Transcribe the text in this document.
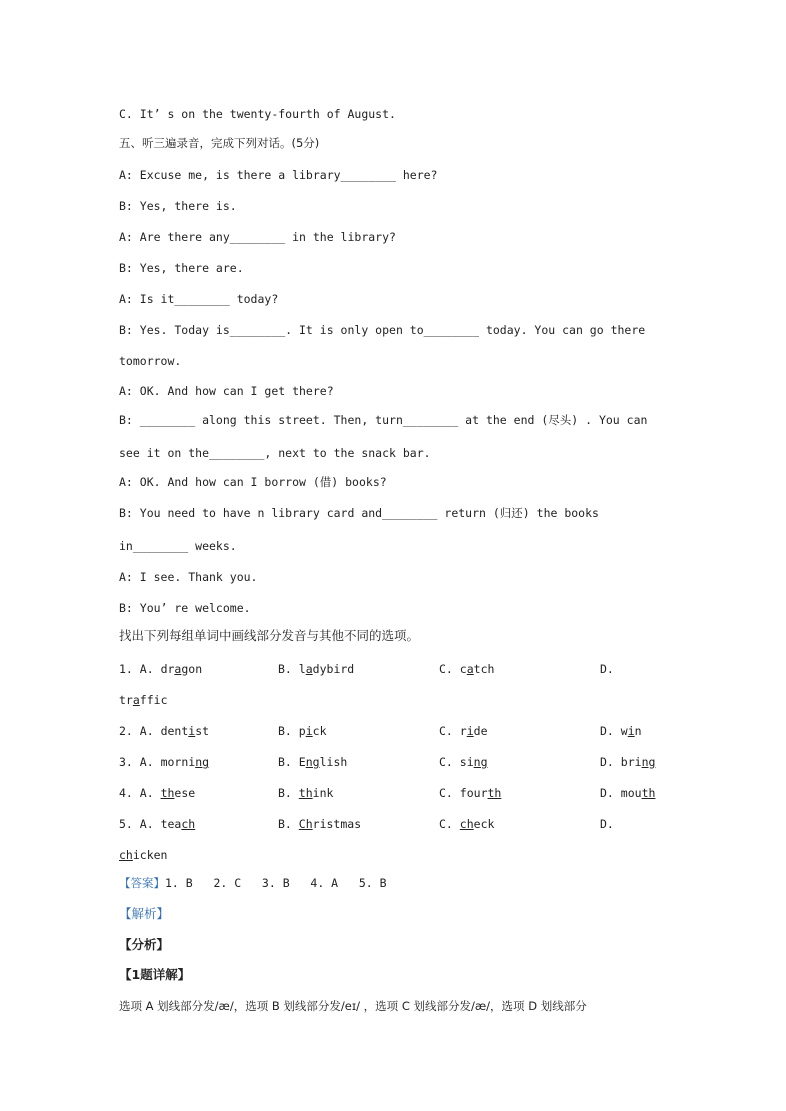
C. It’ s on the twenty-fourth of August.
五、听三遍录音，完成下列对话。(5分)
A: Excuse me, is there a library________ here?
B: Yes, there is.
A: Are there any________ in the library?
B: Yes, there are.
A: Is it________ today?
B: Yes. Today is________. It is only open to________ today. You can go there
tomorrow.
A: OK. And how can I get there?
B: ________ along this street. Then, turn________ at the end (尽头) . You can
see it on the________, next to the snack bar.
A: OK. And how can I borrow (借) books?
B: You need to have n library card and________ return (归还) the books
in________ weeks.
A: I see. Thank you.
B: You’ re welcome.
找出下列每组单词中画线部分发音与其他不同的选项。
1. A. dragon	B. ladybird	C. catch	D.
traffic
2. A. dentist	B. pick	C. ride	D. win
3. A. morning	B. English	C. sing	D. bring
4. A. these	B. think	C. fourth	D. mouth
5. A. teach	B. Christmas	C. check	D.
chicken
【答案】1. B   2. C   3. B   4. A   5. B
【解析】
【分析】
【1题详解】
选项 A 划线部分发/æ/，选项 B 划线部分发/eɪ/ ，选项 C 划线部分发/æ/，选项 D 划线部分
